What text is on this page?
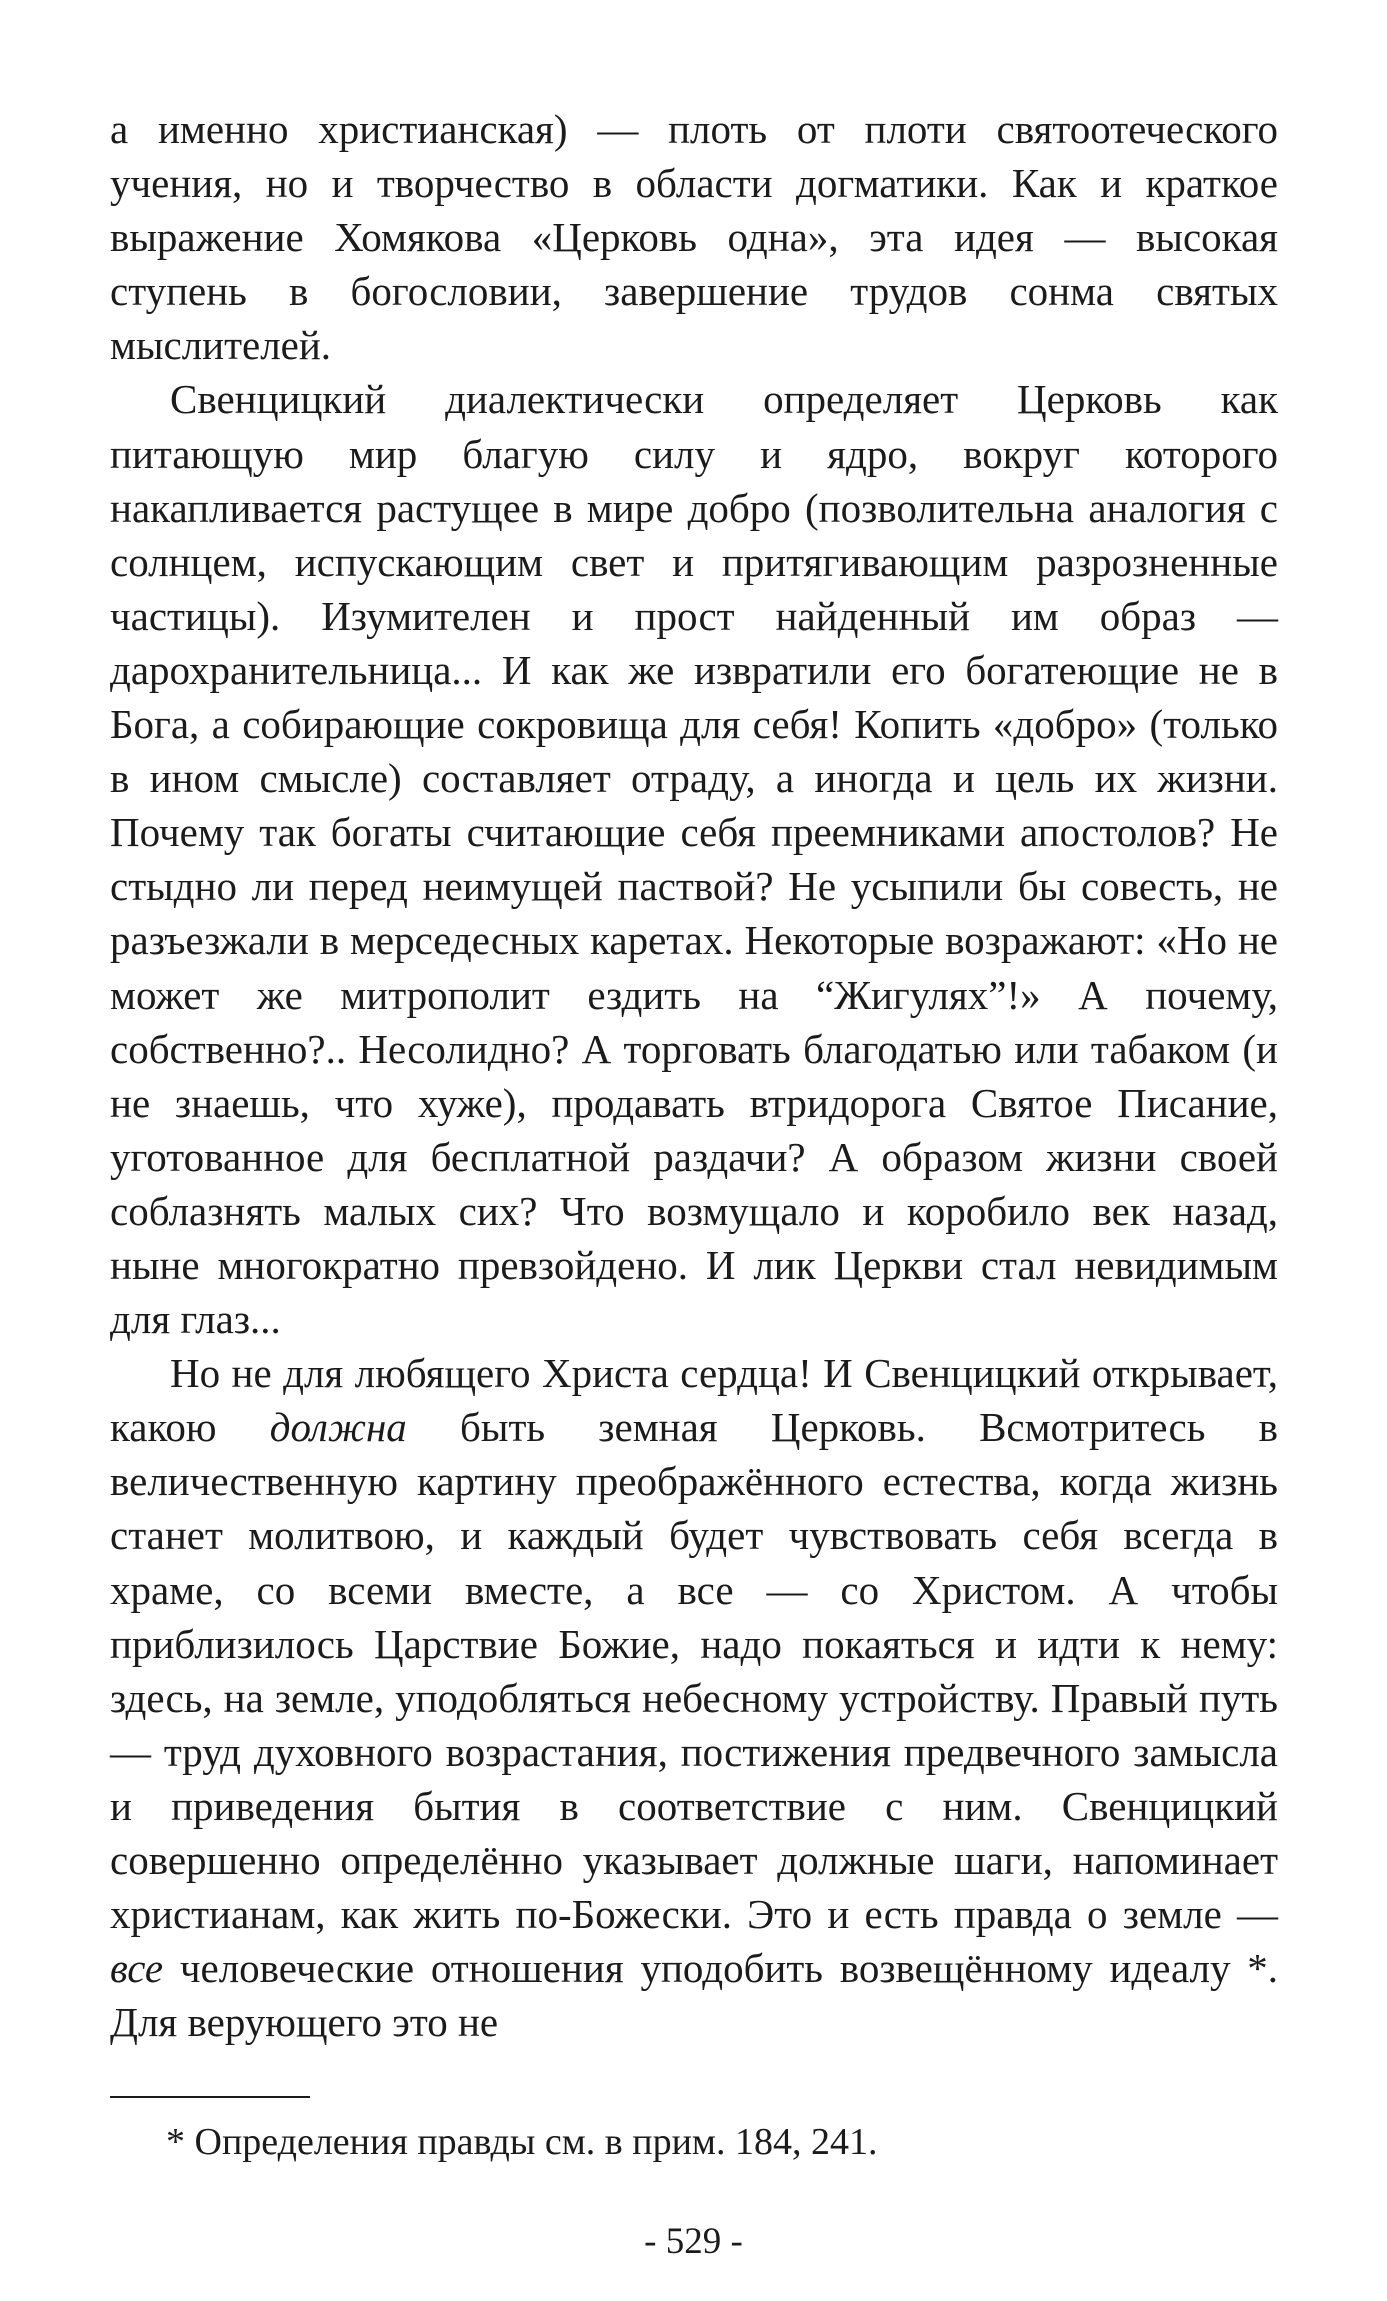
а именно христианская) — плоть от плоти святоотеческого учения, но и творчество в области догматики. Как и краткое выражение Хомякова «Церковь одна», эта идея — высокая ступень в богословии, завершение трудов сонма святых мыслителей.

Свенцицкий диалектически определяет Церковь как питающую мир благую силу и ядро, вокруг которого накапливается растущее в мире добро (позволительна аналогия с солнцем, испускающим свет и притягивающим разрозненные частицы). Изумителен и прост найденный им образ — дарохранительница... И как же извратили его богатеющие не в Бога, а собирающие сокровища для себя! Копить «добро» (только в ином смысле) составляет отраду, а иногда и цель их жизни. Почему так богаты считающие себя преемниками апостолов? Не стыдно ли перед неимущей паствой? Не усыпили бы совесть, не разъезжали в мерседесных каретах. Некоторые возражают: «Но не может же митрополит ездить на “Жигулях”!» А почему, собственно?.. Несолидно? А торговать благодатью или табаком (и не знаешь, что хуже), продавать втридорога Святое Писание, уготованное для бесплатной раздачи? А образом жизни своей соблазнять малых сих? Что возмущало и коробило век назад, ныне многократно превзойдено. И лик Церкви стал невидимым для глаз...

Но не для любящего Христа сердца! И Свенцицкий открывает, какою должна быть земная Церковь. Всмотритесь в величественную картину преображённого естества, когда жизнь станет молитвою, и каждый будет чувствовать себя всегда в храме, со всеми вместе, а все — со Христом. А чтобы приблизилось Царствие Божие, надо покаяться и идти к нему: здесь, на земле, уподобляться небесному устройству. Правый путь — труд духовного возрастания, постижения предвечного замысла и приведения бытия в соответствие с ним. Свенцицкий совершенно определённо указывает должные шаги, напоминает христианам, как жить по-Божески. Это и есть правда о земле — все человеческие отношения уподобить возвещённому идеалу *. Для верующего это не

* Определения правды см. в прим. 184, 241.
- 529 -
